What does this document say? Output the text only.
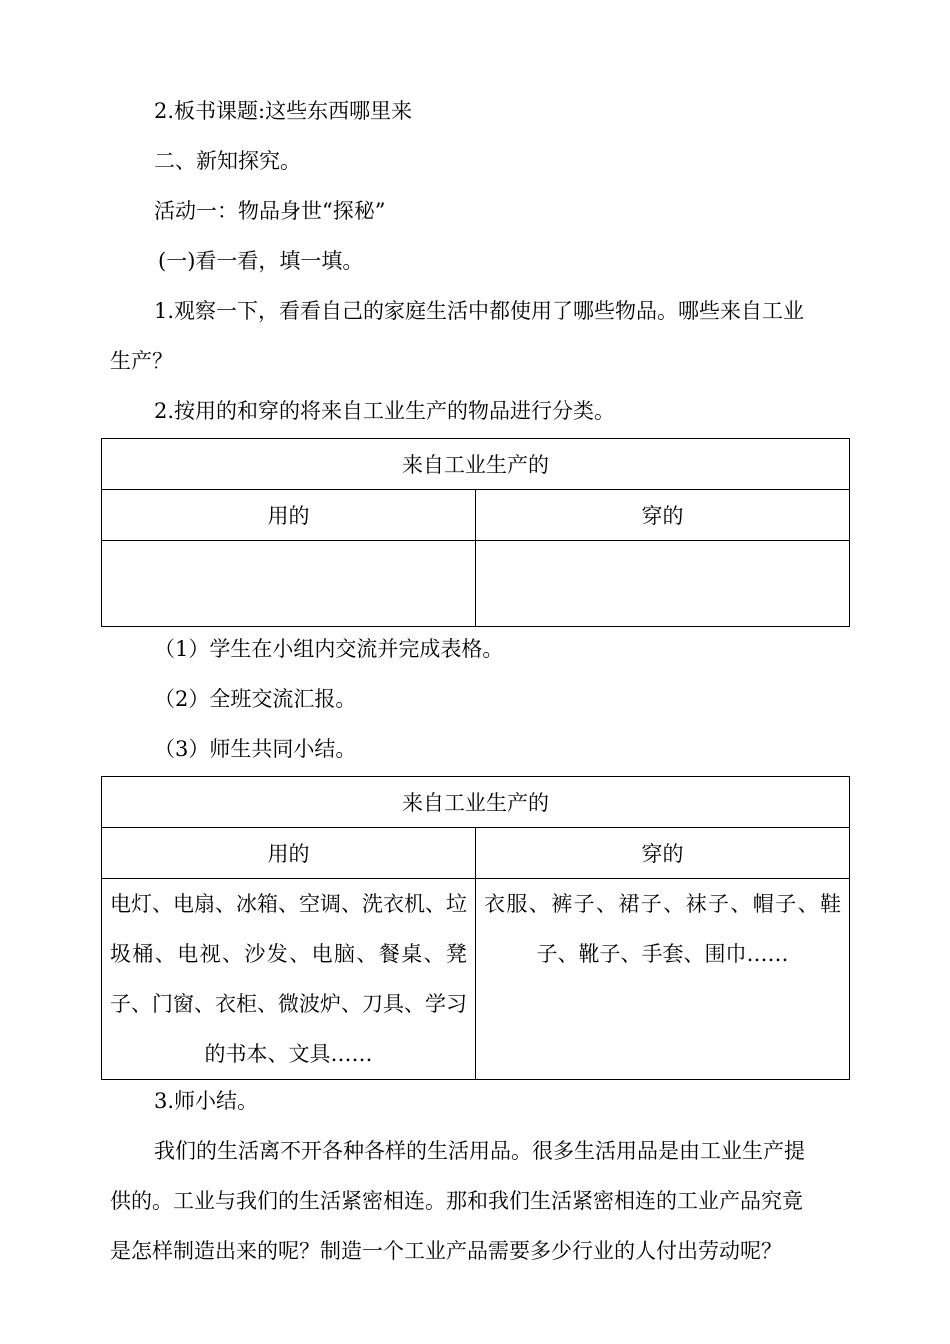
2.板书课题:这些东西哪里来
二、新知探究。
活动一：物品身世“探秘”
(一)看一看，填一填。
1.观察一下，看看自己的家庭生活中都使用了哪些物品。哪些来自工业
生产？
2.按用的和穿的将来自工业生产的物品进行分类。
来自工业生产的	
用的	穿的

（1）学生在小组内交流并完成表格。
（2）全班交流汇报。
（3）师生共同小结。
来自工业生产的	
用的	穿的

电灯、电扇、冰箱、空调、洗衣机、垃圾桶、电视、沙发、电脑、餐桌、凳子、门窗、衣柜、微波炉、刀具、学习的书本、文具……	衣服、裤子、裙子、袜子、帽子、鞋子、靴子、手套、围巾……
3.师小结。
我们的生活离不开各种各样的生活用品。很多生活用品是由工业生产提
供的。工业与我们的生活紧密相连。那和我们生活紧密相连的工业产品究竟
是怎样制造出来的呢？制造一个工业产品需要多少行业的人付出劳动呢？
